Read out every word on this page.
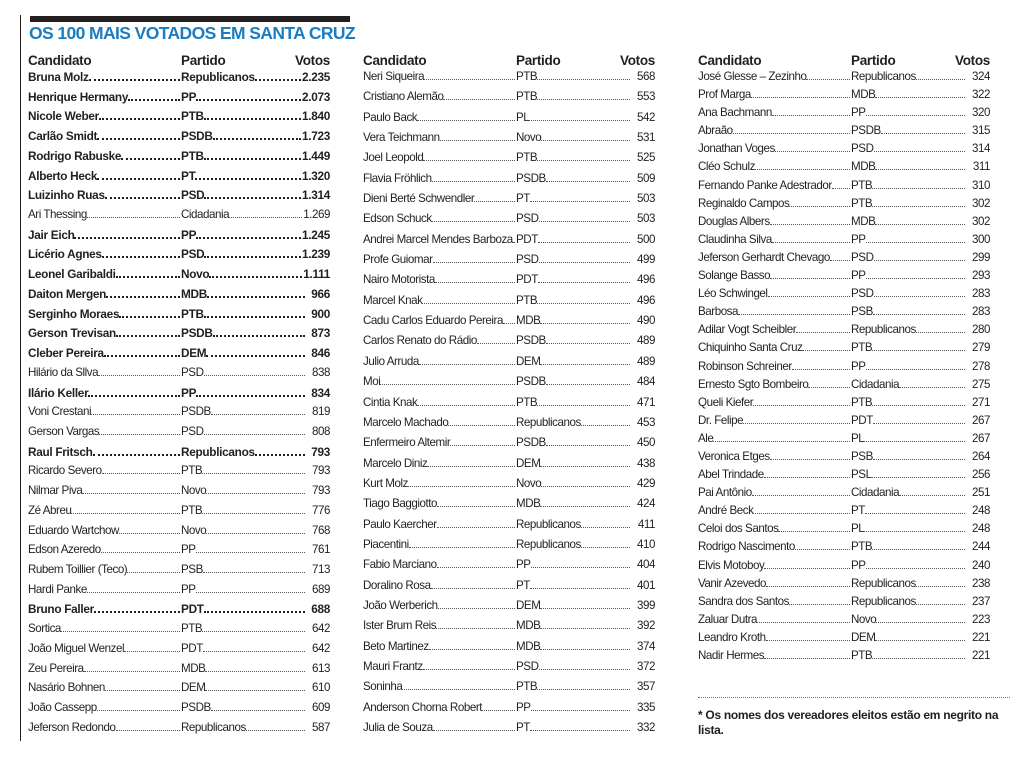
OS 100 MAIS VOTADOS EM SANTA CRUZ
Candidato	Partido	Votos
Bruna Molz	Republicanos	2.235
Henrique Hermany	PP	2.073
Nicole Weber	PTB	1.840
Carlão Smidt	PSDB	1.723
Rodrigo Rabuske	PTB	1.449
Alberto Heck	PT	1.320
Luizinho Ruas	PSD	1.314
Ari Thessing	Cidadania	1.269
Jair Eich	PP	1.245
Licério Agnes	PSD	1.239
Leonel Garibaldi	Novo	1.111
Daiton Mergen	MDB	966
Serginho Moraes	PTB	900
Gerson Trevisan	PSDB	873
Cleber Pereira	DEM	846
Hilário da Sllva	PSD	838
Ilário Keller	PP	834
Voni Crestani	PSDB	819
Gerson Vargas	PSD	808
Raul Fritsch	Republicanos	793
Ricardo Severo	PTB	793
Nilmar Piva	Novo	793
Zé Abreu	PTB	776
Eduardo Wartchow	Novo	768
Edson Azeredo	PP	761
Rubem Toillier (Teco)	PSB	713
Hardi Panke	PP	689
Bruno Faller	PDT	688
Sortica	PTB	642
João Miguel Wenzel	PDT	642
Zeu Pereira	MDB	613
Nasário Bohnen	DEM	610
João Cassepp	PSDB	609
Jeferson Redondo	Republicanos	587
Candidato	Partido	Votos
Neri Siqueira	PTB	568
Cristiano Alemão	PTB	553
Paulo Back	PL	542
Vera Teichmann	Novo	531
Joel Leopold	PTB	525
Flavia Fröhlich	PSDB	509
Dieni Berté Schwendler	PT	503
Edson Schuck	PSD	503
Andrei Marcel Mendes Barboza PDT	500
Profe Guiomar	PSD	499
Nairo Motorista	PDT	496
Marcel Knak	PTB	496
Cadu Carlos Eduardo Pereira MDB	490
Carlos Renato do Rádio	PSDB	489
Julio Arruda	DEM	489
Moi	PSDB	484
Cintia Knak	PTB	471
Marcelo Machado	Republicanos	453
Enfermeiro Altemir	PSDB	450
Marcelo Diniz	DEM	438
Kurt Molz	Novo	429
Tiago Baggiotto	MDB	424
Paulo Kaercher	Republicanos	411
Piacentini	Republicanos	410
Fabio Marciano	PP	404
Doralino Rosa	PT	401
João Werberich	DEM	399
Ister Brum Reis	MDB	392
Beto Martinez	MDB	374
Mauri Frantz	PSD	372
Soninha	PTB	357
Anderson Chorna Robert	PP	335
Julia de Souza	PT	332
Candidato	Partido	Votos
José Glesse – Zezinho	Republicanos	324
Prof Marga	MDB	322
Ana Bachmann	PP	320
Abraão	PSDB	315
Jonathan Voges	PSD	314
Cléo Schulz	MDB	311
Fernando Panke Adestrador PTB	310
Reginaldo Campos	PTB	302
Douglas Albers	MDB	302
Claudinha Silva	PP	300
Jeferson Gerhardt Chevago PSD	299
Solange Basso	PP	293
Léo Schwingel	PSD	283
Barbosa	PSB	283
Adilar Vogt Scheibler	Republicanos	280
Chiquinho Santa Cruz	PTB	279
Robinson Schreiner	PP	278
Ernesto Sgto Bombeiro	Cidadania	275
Queli Kiefer	PTB	271
Dr. Felipe	PDT	267
Ale	PL	267
Veronica Etges	PSB	264
Abel Trindade	PSL	256
Pai Antônio	Cidadania	251
André Beck	PT	248
Celoi dos Santos	PL	248
Rodrigo Nascimento	PTB	244
Elvis Motoboy	PP	240
Vanir Azevedo	Republicanos	238
Sandra dos Santos	Republicanos	237
Zaluar Dutra	Novo	223
Leandro Kroth	DEM	221
Nadir Hermes	PTB	221
* Os nomes dos vereadores eleitos estão em negrito na lista.
